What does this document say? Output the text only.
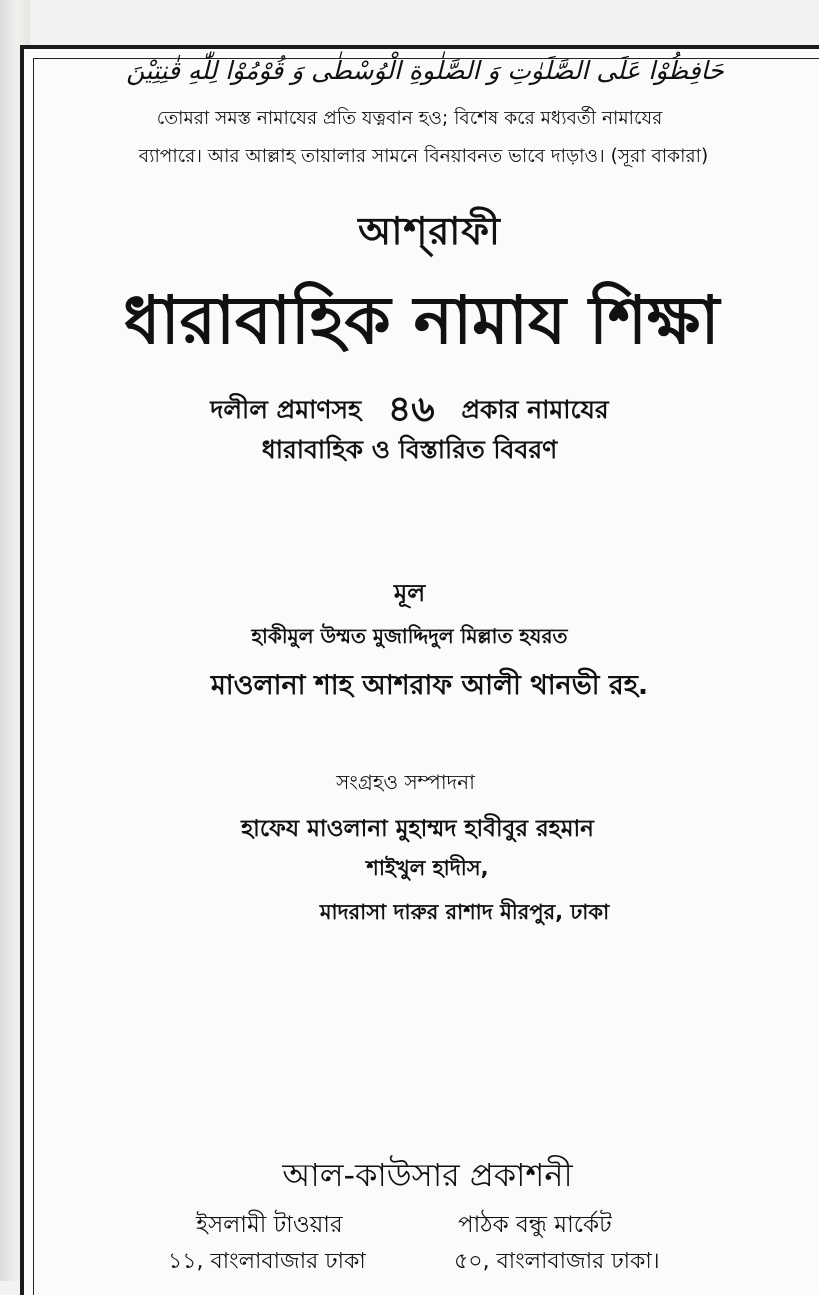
حَافِظُوْا عَلَى الصَّلَوٰتِ وَ الصَّلٰوةِ الْوُسْطٰى وَ قُوْمُوْا لِلّٰهِ قٰنِتِيْنَ
তোমরা সমস্ত নামাযের প্রতি যত্নবান হও; বিশেষ করে মধ্যবর্তী নামাযের
ব্যাপারে। আর আল্লাহ তায়ালার সামনে বিনয়াবনত ভাবে দাড়াও। (সূরা বাকারা)
আশ্‌রাফী
ধারাবাহিক নামায শিক্ষা
দলীল প্রমাণসহ ৪৬ প্রকার নামাযের
ধারাবাহিক ও বিস্তারিত বিবরণ
মূল
হাকীমুল উম্মত মুজাদ্দিদুল মিল্লাত হযরত
মাওলানা শাহ আশরাফ আলী থানভী রহ.
সংগ্রহও সম্পাদনা
হাফেয মাওলানা মুহাম্মদ হাবীবুর রহমান
শাইখুল হাদীস,
মাদরাসা দারুর রাশাদ মীরপুর, ঢাকা
আল-কাউসার প্রকাশনী
ইসলামী টাওয়ার	পাঠক বন্ধু মার্কেট
১১, বাংলাবাজার ঢাকা	৫০, বাংলাবাজার ঢাকা।
